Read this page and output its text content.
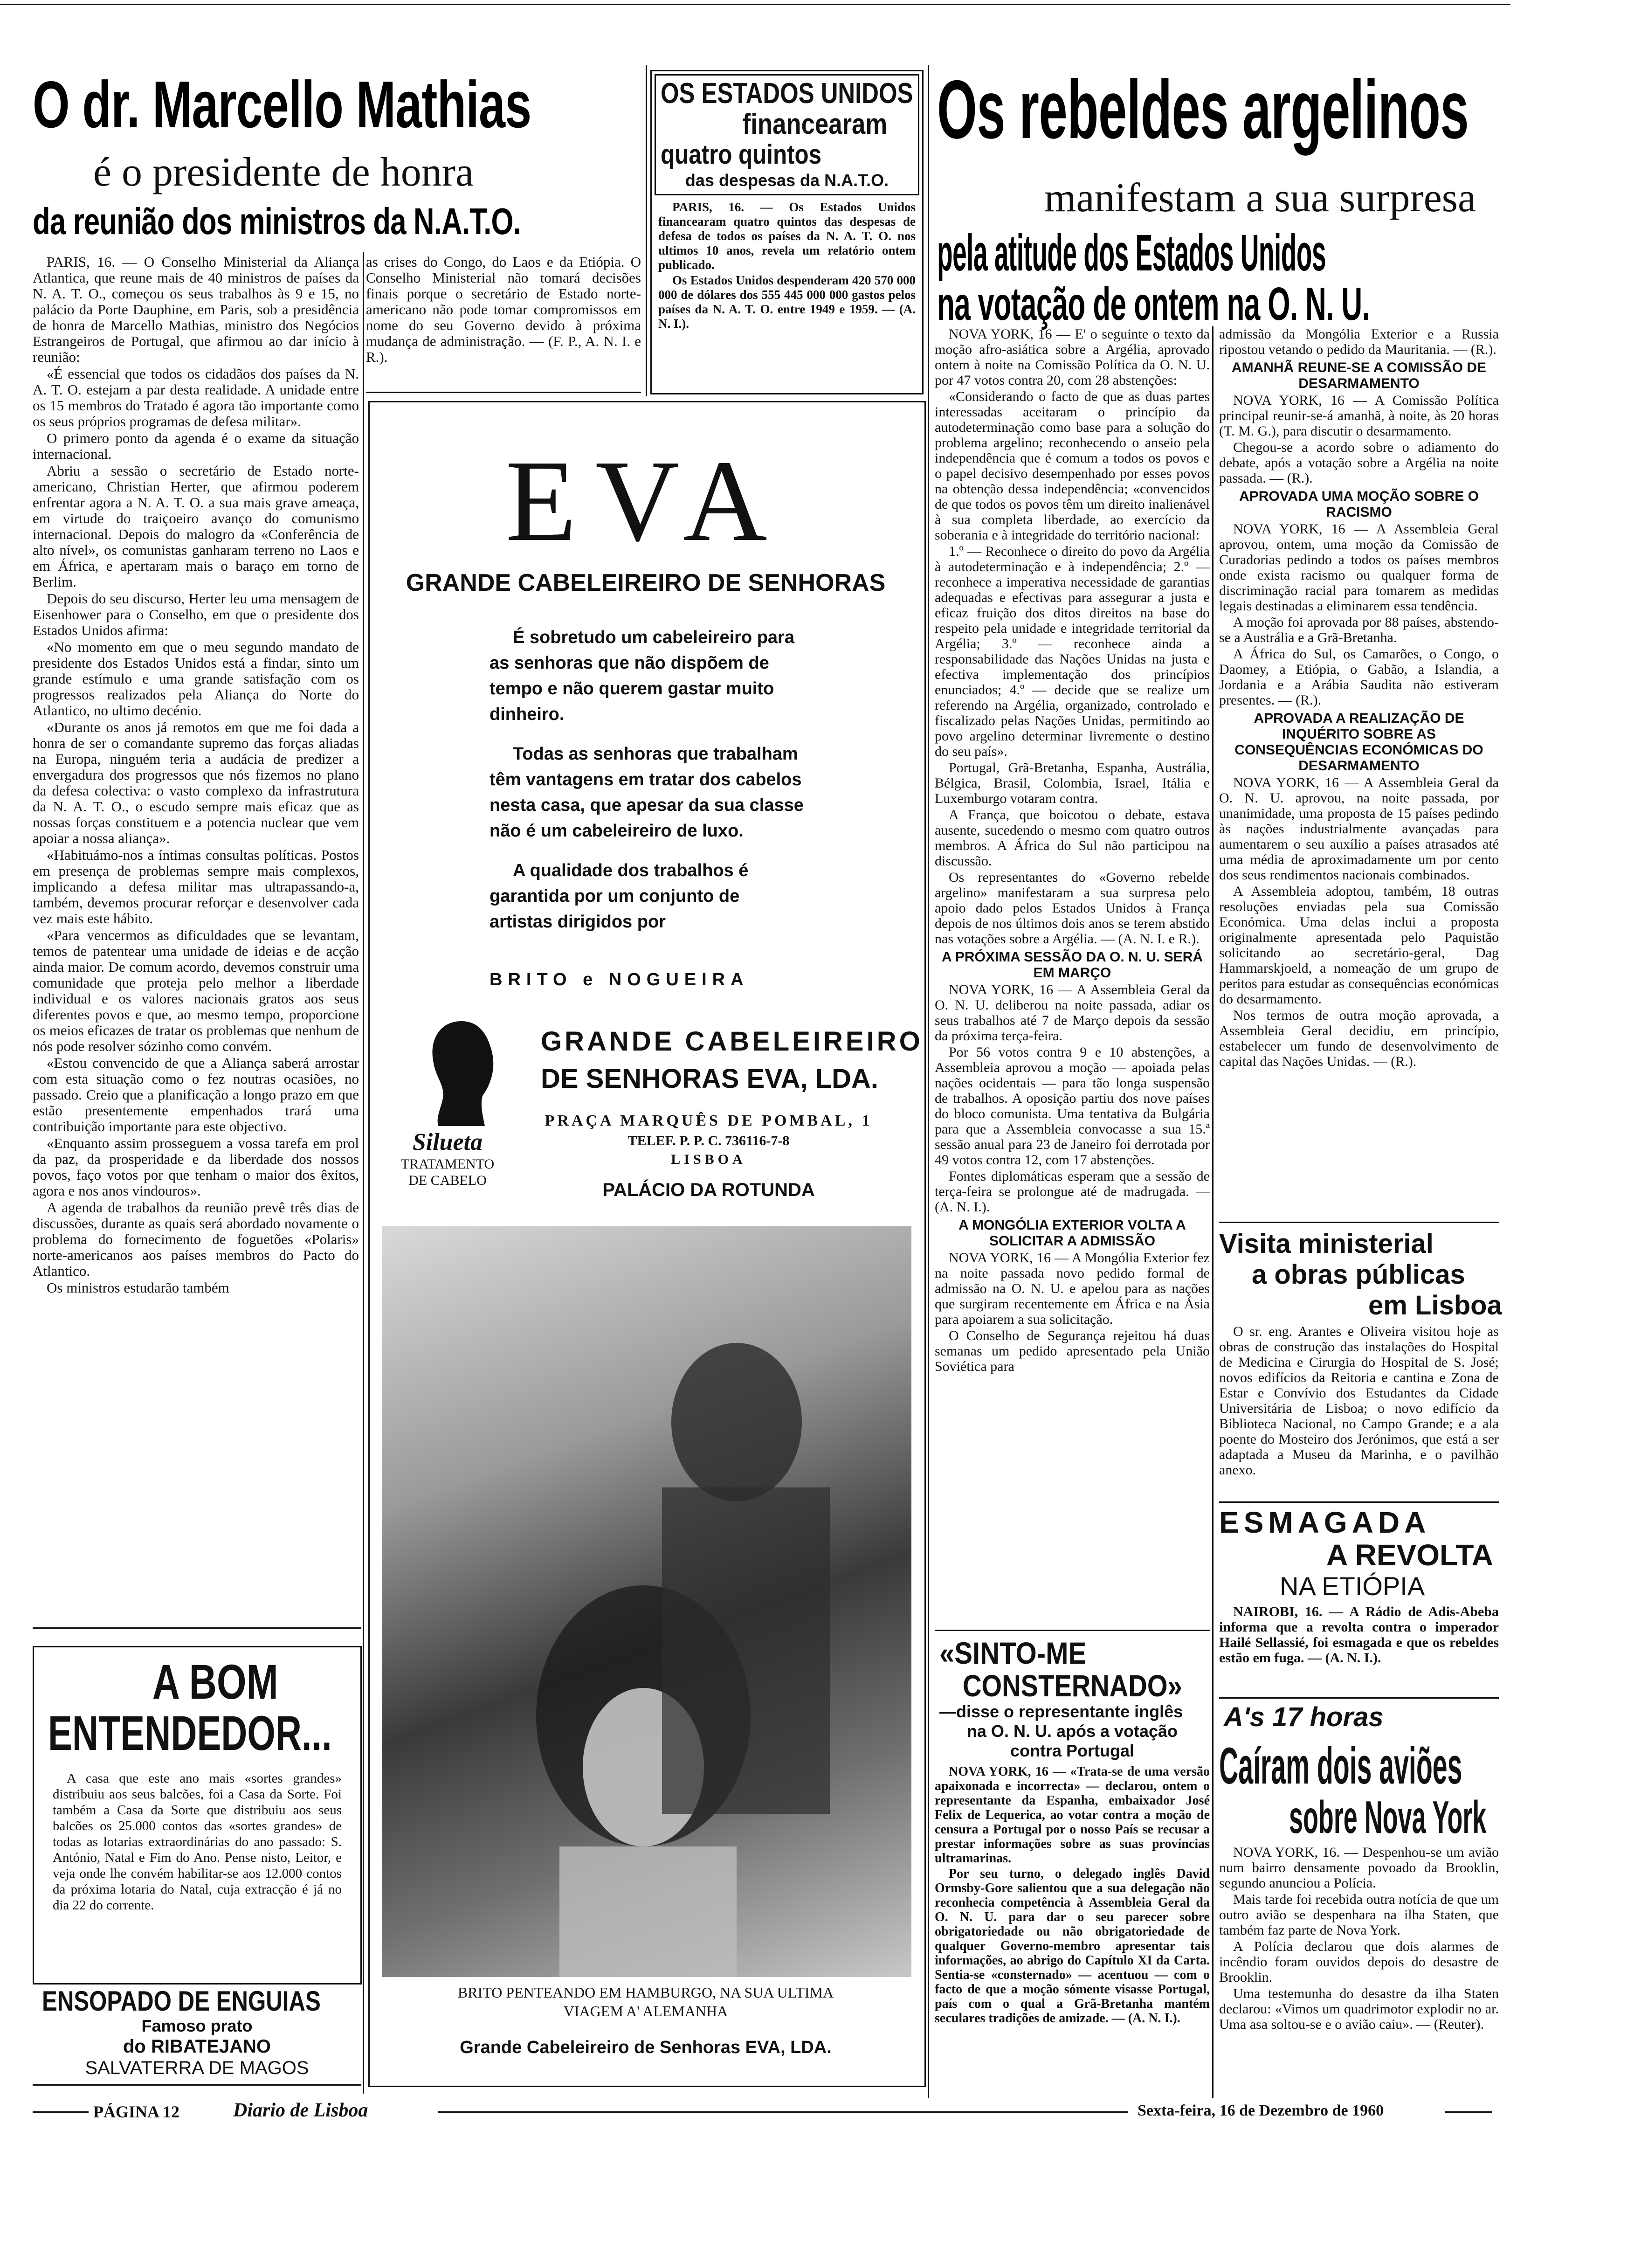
O dr. Marcello Mathias
é o presidente de honra
da reunião dos ministros da N.A.T.O.

PARIS, 16. — O Conselho Ministerial da Aliança Atlantica, que reune mais de 40 ministros de países da N. A. T. O., começou os seus trabalhos às 9 e 15, no palácio da Porte Dauphine, em Paris, sob a presidência de honra de Marcello Mathias, ministro dos Negócios Estrangeiros de Portugal, que afirmou ao dar início à reunião:

«É essencial que todos os cidadãos dos países da N. A. T. O. estejam a par desta realidade. A unidade entre os 15 membros do Tratado é agora tão importante como os seus próprios programas de defesa militar».

O primero ponto da agenda é o exame da situação internacional.

Abriu a sessão o secretário de Estado norte-americano, Christian Herter, que afirmou poderem enfrentar agora a N. A. T. O. a sua mais grave ameaça, em virtude do traiçoeiro avanço do comunismo internacional. Depois do malogro da «Conferência de alto nível», os comunistas ganharam terreno no Laos e em África, e apertaram mais o baraço em torno de Berlim.

Depois do seu discurso, Herter leu uma mensagem de Eisenhower para o Conselho, em que o presidente dos Estados Unidos afirma:

«No momento em que o meu segundo mandato de presidente dos Estados Unidos está a findar, sinto um grande estímulo e uma grande satisfação com os progressos realizados pela Aliança do Norte do Atlantico, no ultimo decénio.

«Durante os anos já remotos em que me foi dada a honra de ser o comandante supremo das forças aliadas na Europa, ninguém teria a audácia de predizer a envergadura dos progressos que nós fizemos no plano da defesa colectiva: o vasto complexo da infrastrutura da N. A. T. O., o escudo sempre mais eficaz que as nossas forças constituem e a potencia nuclear que vem apoiar a nossa aliança».

«Habituámo-nos a íntimas consultas políticas. Postos em presença de problemas sempre mais complexos, implicando a defesa militar mas ultrapassando-a, também, devemos procurar reforçar e desenvolver cada vez mais este hábito.

«Para vencermos as dificuldades que se levantam, temos de patentear uma unidade de ideias e de acção ainda maior. De comum acordo, devemos construir uma comunidade que proteja pelo melhor a liberdade individual e os valores nacionais gratos aos seus diferentes povos e que, ao mesmo tempo, proporcione os meios eficazes de tratar os problemas que nenhum de nós pode resolver sózinho como convém.

«Estou convencido de que a Aliança saberá arrostar com esta situação como o fez noutras ocasiões, no passado. Creio que a planificação a longo prazo em que estão presentemente empenhados trará uma contribuição importante para este objectivo.

«Enquanto assim prosseguem a vossa tarefa em prol da paz, da prosperidade e da liberdade dos nossos povos, faço votos por que tenham o maior dos êxitos, agora e nos anos vindouros».

A agenda de trabalhos da reunião prevê três dias de discussões, durante as quais será abordado novamente o problema do fornecimento de foguetões «Polaris» norte-americanos aos países membros do Pacto do Atlantico.

Os ministros estudarão também

as crises do Congo, do Laos e da Etiópia. O Conselho Ministerial não tomará decisões finais porque o secretário de Estado norte-americano não pode tomar compromissos em nome do seu Governo devido à próxima mudança de administração. — (F. P., A. N. I. e R.).

OS ESTADOS UNIDOS
financearam
quatro quintos
das despesas da N.A.T.O.

PARIS, 16. — Os Estados Unidos financearam quatro quintos das despesas de defesa de todos os países da N. A. T. O. nos ultimos 10 anos, revela um relatório ontem publicado.

Os Estados Unidos despenderam 420 570 000 000 de dólares dos 555 445 000 000 gastos pelos países da N. A. T. O. entre 1949 e 1959. — (A. N. I.).

EVA
GRANDE CABELEIREIRO DE SENHORAS

É sobretudo um cabeleireiro para as senhoras que não dispõem de tempo e não querem gastar muito dinheiro.

Todas as senhoras que trabalham têm vantagens em tratar dos cabelos nesta casa, que apesar da sua classe não é um cabeleireiro de luxo.

A qualidade dos trabalhos é garantida por um conjunto de artistas dirigidos por

BRITO e NOGUEIRA
Silueta
TRATAMENTO
DE CABELO
GRANDE CABELEIREIRO
DE SENHORAS EVA, LDA.
PRAÇA MARQUÊS DE POMBAL, 1
TELEF. P. P. C. 736116-7-8
LISBOA
PALÁCIO DA ROTUNDA
BRITO PENTEANDO EM HAMBURGO, NA SUA ULTIMA
VIAGEM A' ALEMANHA
Grande Cabeleireiro de Senhoras EVA, LDA.
A BOM
ENTENDEDOR...
A casa que este ano mais «sortes grandes» distribuiu aos seus balcões, foi a Casa da Sorte. Foi também a Casa da Sorte que distribuiu aos seus balcões os 25.000 contos das «sortes grandes» de todas as lotarias extraordinárias do ano passado: S. António, Natal e Fim do Ano. Pense nisto, Leitor, e veja onde lhe convém habilitar-se aos 12.000 contos da próxima lotaria do Natal, cuja extracção é já no dia 22 do corrente.
ENSOPADO DE ENGUIAS
Famoso prato
do RIBATEJANO
SALVATERRA DE MAGOS
Os rebeldes argelinos
manifestam a sua surpresa
pela atitude dos Estados Unidos
na votação de ontem na O. N. U.

NOVA YORK, 16 — E' o seguinte o texto da moção afro-asiática sobre a Argélia, aprovado ontem à noite na Comissão Política da O. N. U. por 47 votos contra 20, com 28 abstenções:

«Considerando o facto de que as duas partes interessadas aceitaram o princípio da autodeterminação como base para a solução do problema argelino; reconhecendo o anseio pela independência que é comum a todos os povos e o papel decisivo desempenhado por esses povos na obtenção dessa independência; «convencidos de que todos os povos têm um direito inalienável à sua completa liberdade, ao exercício da soberania e à integridade do território nacional:

1.º — Reconhece o direito do povo da Argélia à autodeterminação e à independência; 2.º — reconhece a imperativa necessidade de garantias adequadas e efectivas para assegurar a justa e eficaz fruição dos ditos direitos na base do respeito pela unidade e integridade territorial da Argélia; 3.º — reconhece ainda a responsabilidade das Nações Unidas na justa e efectiva implementação dos princípios enunciados; 4.º — decide que se realize um referendo na Argélia, organizado, controlado e fiscalizado pelas Nações Unidas, permitindo ao povo argelino determinar livremente o destino do seu país».

Portugal, Grã-Bretanha, Espanha, Austrália, Bélgica, Brasil, Colombia, Israel, Itália e Luxemburgo votaram contra.

A França, que boicotou o debate, estava ausente, sucedendo o mesmo com quatro outros membros. A África do Sul não participou na discussão.

Os representantes do «Governo rebelde argelino» manifestaram a sua surpresa pelo apoio dado pelos Estados Unidos à França depois de nos últimos dois anos se terem abstido nas votações sobre a Argélia. — (A. N. I. e R.).

A PRÓXIMA SESSÃO DA O. N. U. SERÁ EM MARÇO

NOVA YORK, 16 — A Assembleia Geral da O. N. U. deliberou na noite passada, adiar os seus trabalhos até 7 de Março depois da sessão da próxima terça-feira.

Por 56 votos contra 9 e 10 abstenções, a Assembleia aprovou a moção — apoiada pelas nações ocidentais — para tão longa suspensão de trabalhos. A oposição partiu dos nove países do bloco comunista. Uma tentativa da Bulgária para que a Assembleia convocasse a sua 15.ª sessão anual para 23 de Janeiro foi derrotada por 49 votos contra 12, com 17 abstenções.

Fontes diplomáticas esperam que a sessão de terça-feira se prolongue até de madrugada. — (A. N. I.).

A MONGÓLIA EXTERIOR VOLTA A SOLICITAR A ADMISSÃO

NOVA YORK, 16 — A Mongólia Exterior fez na noite passada novo pedido formal de admissão na O. N. U. e apelou para as nações que surgiram recentemente em África e na Ásia para apoiarem a sua solicitação.

O Conselho de Segurança rejeitou há duas semanas um pedido apresentado pela União Soviética para

admissão da Mongólia Exterior e a Russia ripostou vetando o pedido da Mauritania. — (R.).

AMANHÃ REUNE-SE A COMISSÃO DE DESARMAMENTO

NOVA YORK, 16 — A Comissão Política principal reunir-se-á amanhã, à noite, às 20 horas (T. M. G.), para discutir o desarmamento.

Chegou-se a acordo sobre o adiamento do debate, após a votação sobre a Argélia na noite passada. — (R.).

APROVADA UMA MOÇÃO SOBRE O RACISMO

NOVA YORK, 16 — A Assembleia Geral aprovou, ontem, uma moção da Comissão de Curadorias pedindo a todos os países membros onde exista racismo ou qualquer forma de discriminação racial para tomarem as medidas legais destinadas a eliminarem essa tendência.

A moção foi aprovada por 88 países, abstendo-se a Austrália e a Grã-Bretanha.

A África do Sul, os Camarões, o Congo, o Daomey, a Etiópia, o Gabão, a Islandia, a Jordania e a Arábia Saudita não estiveram presentes. — (R.).

APROVADA A REALIZAÇÃO DE INQUÉRITO SOBRE AS CONSEQUÊNCIAS ECONÓMICAS DO DESARMAMENTO

NOVA YORK, 16 — A Assembleia Geral da O. N. U. aprovou, na noite passada, por unanimidade, uma proposta de 15 países pedindo às nações industrialmente avançadas para aumentarem o seu auxílio a países atrasados até uma média de aproximadamente um por cento dos seus rendimentos nacionais combinados.

A Assembleia adoptou, também, 18 outras resoluções enviadas pela sua Comissão Económica. Uma delas inclui a proposta originalmente apresentada pelo Paquistão solicitando ao secretário-geral, Dag Hammarskjoeld, a nomeação de um grupo de peritos para estudar as consequências económicas do desarmamento.

Nos termos de outra moção aprovada, a Assembleia Geral decidiu, em princípio, estabelecer um fundo de desenvolvimento de capital das Nações Unidas. — (R.).

«SINTO-ME
CONSTERNADO»
—disse o representante inglês
na O. N. U. após a votação
contra Portugal

NOVA YORK, 16 — «Trata-se de uma versão apaixonada e incorrecta» — declarou, ontem o representante da Espanha, embaixador José Felix de Lequerica, ao votar contra a moção de censura a Portugal por o nosso País se recusar a prestar informações sobre as suas províncias ultramarinas.

Por seu turno, o delegado inglês David Ormsby-Gore salientou que a sua delegação não reconhecia competência à Assembleia Geral da O. N. U. para dar o seu parecer sobre obrigatoriedade ou não obrigatoriedade de qualquer Governo-membro apresentar tais informações, ao abrigo do Capítulo XI da Carta. Sentia-se «consternado» — acentuou — com o facto de que a moção sómente visasse Portugal, país com o qual a Grã-Bretanha mantém seculares tradições de amizade. — (A. N. I.).

Visita ministerial
a obras públicas
em Lisboa
O sr. eng. Arantes e Oliveira visitou hoje as obras de construção das instalações do Hospital de Medicina e Cirurgia do Hospital de S. José; novos edifícios da Reitoria e cantina e Zona de Estar e Convívio dos Estudantes da Cidade Universitária de Lisboa; o novo edifício da Biblioteca Nacional, no Campo Grande; e a ala poente do Mosteiro dos Jerónimos, que está a ser adaptada a Museu da Marinha, e o pavilhão anexo.
ESMAGADA
A REVOLTA
NA ETIÓPIA
NAIROBI, 16. — A Rádio de Adis-Abeba informa que a revolta contra o imperador Hailé Sellassié, foi esmagada e que os rebeldes estão em fuga. — (A. N. I.).
A's 17 horas
Caíram dois aviões
sobre Nova York

NOVA YORK, 16. — Despenhou-se um avião num bairro densamente povoado da Brooklin, segundo anunciou a Polícia.

Mais tarde foi recebida outra notícia de que um outro avião se despenhara na ilha Staten, que também faz parte de Nova York.

A Polícia declarou que dois alarmes de incêndio foram ouvidos depois do desastre de Brooklin.

Uma testemunha do desastre da ilha Staten declarou: «Vimos um quadrimotor explodir no ar. Uma asa soltou-se e o avião caiu». — (Reuter).

PÁGINA 12	Diario de Lisboa	Sexta-feira, 16 de Dezembro de 1960
